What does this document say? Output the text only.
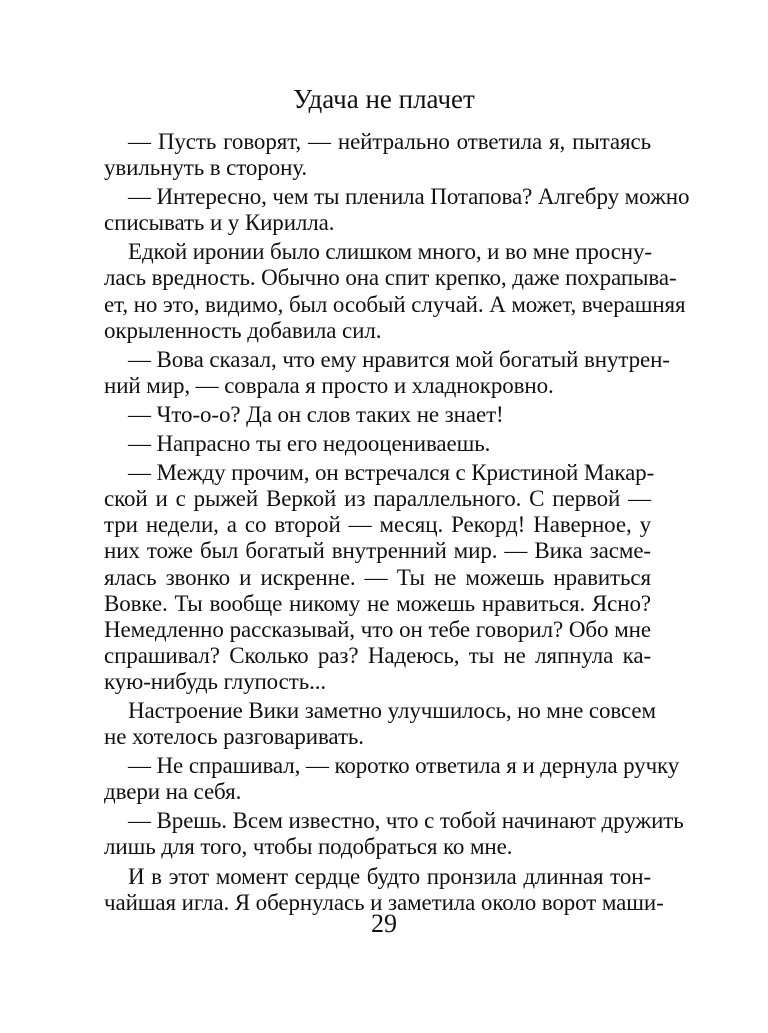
Удача не плачет

— Пусть говорят, — нейтрально ответила я, пытаясь
увильнуть в сторону.

— Интересно, чем ты пленила Потапова? Алгебру можно
списывать и у Кирилла.

Едкой иронии было слишком много, и во мне просну-
лась вредность. Обычно она спит крепко, даже похрапыва-
ет, но это, видимо, был особый случай. А может, вчерашняя
окрыленность добавила сил.

— Вова сказал, что ему нравится мой богатый внутрен-
ний мир, — соврала я просто и хладнокровно.

— Что-о-о? Да он слов таких не знает!

— Напрасно ты его недооцениваешь.

— Между прочим, он встречался с Кристиной Макар-
ской и с рыжей Веркой из параллельного. С первой —
три недели, а со второй — месяц. Рекорд! Наверное, у
них тоже был богатый внутренний мир. — Вика засме-
ялась звонко и искренне. — Ты не можешь нравиться
Вовке. Ты вообще никому не можешь нравиться. Ясно?
Немедленно рассказывай, что он тебе говорил? Обо мне
спрашивал? Сколько раз? Надеюсь, ты не ляпнула ка-
кую-нибудь глупость...

Настроение Вики заметно улучшилось, но мне совсем
не хотелось разговаривать.

— Не спрашивал, — коротко ответила я и дернула ручку
двери на себя.

— Врешь. Всем известно, что с тобой начинают дружить
лишь для того, чтобы подобраться ко мне.

И в этот момент сердце будто пронзила длинная тон-
чайшая игла. Я обернулась и заметила около ворот маши-

29
